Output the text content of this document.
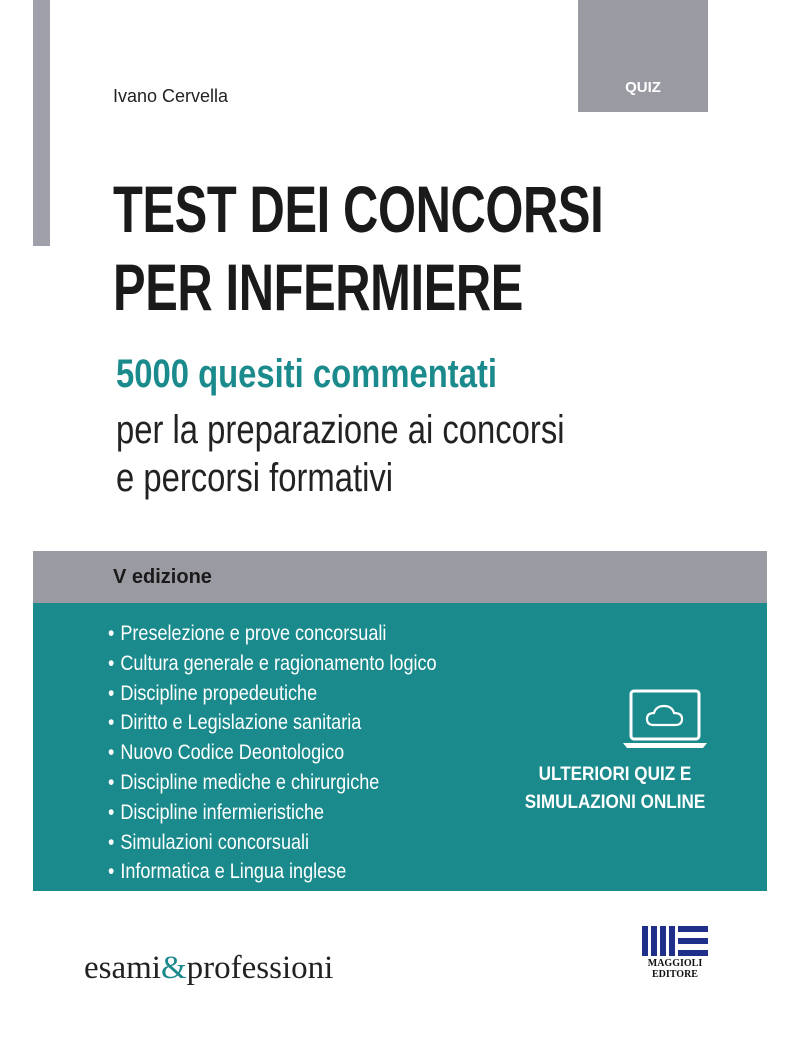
QUIZ
Ivano Cervella
TEST DEI CONCORSI
PER INFERMIERE
5000 quesiti commentati
per la preparazione ai concorsi
e percorsi formativi
V edizione
• Preselezione e prove concorsuali
• Cultura generale e ragionamento logico
• Discipline propedeutiche
• Diritto e Legislazione sanitaria
• Nuovo Codice Deontologico
• Discipline mediche e chirurgiche
• Discipline infermieristiche
• Simulazioni concorsuali
• Informatica e Lingua inglese
ULTERIORI QUIZ E
SIMULAZIONI ONLINE
esami&professioni	MAGGIOLI
EDITORE
